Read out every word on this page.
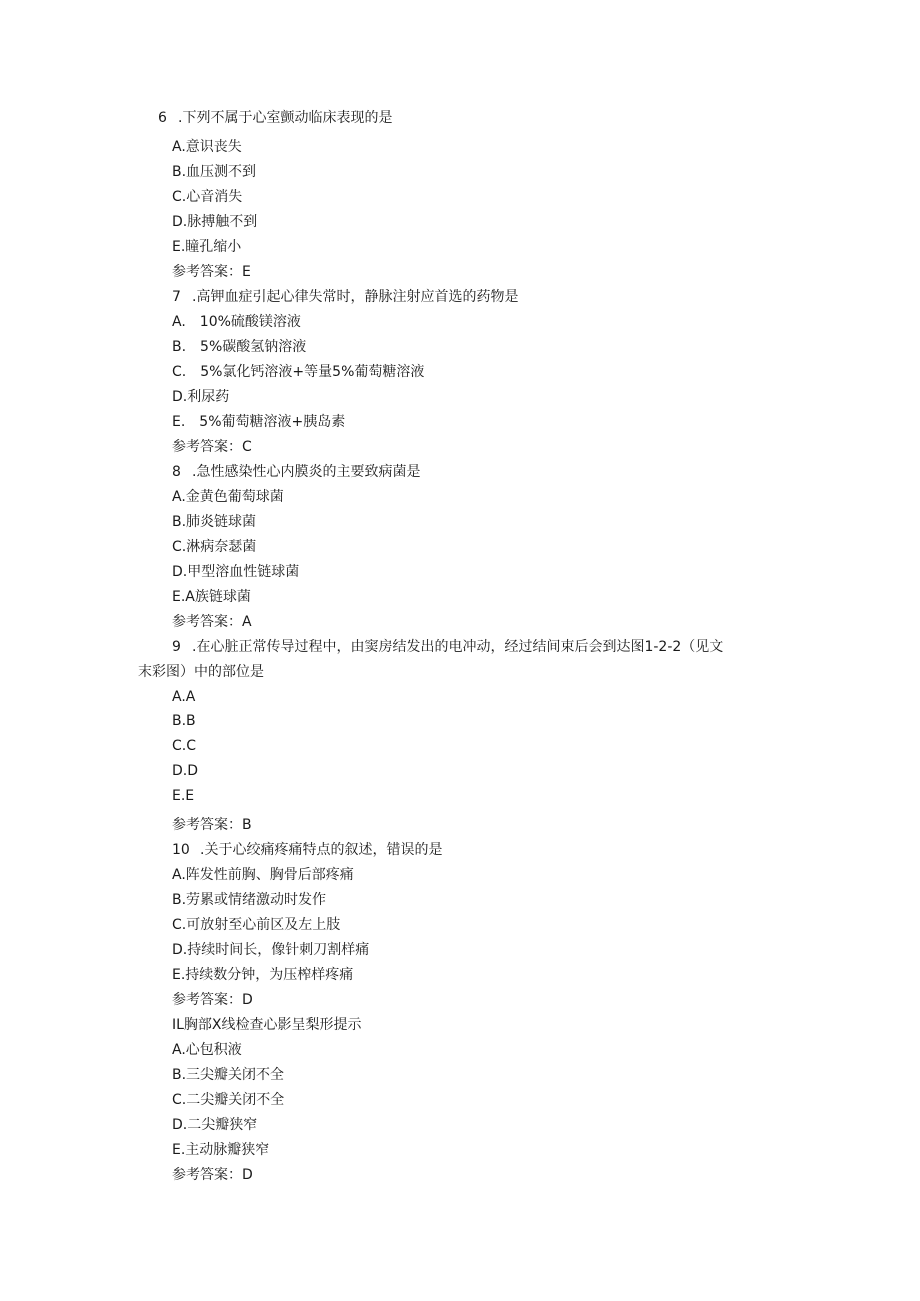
6 .下列不属于心室颤动临床表现的是
A.意识丧失
B.血压测不到
C.心音消失
D.脉搏触不到
E.瞳孔缩小
参考答案：E
7 .高钾血症引起心律失常时，静脉注射应首选的药物是
A.　10%硫酸镁溶液
B.　5%碳酸氢钠溶液
C.　5%氯化钙溶液+等量5%葡萄糖溶液
D.利尿药
E.　5%葡萄糖溶液+胰岛素
参考答案：C
8 .急性感染性心内膜炎的主要致病菌是
A.金黄色葡萄球菌
B.肺炎链球菌
C.淋病奈瑟菌
D.甲型溶血性链球菌
E.A族链球菌
参考答案：A
9 .在心脏正常传导过程中，由窦房结发出的电冲动，经过结间束后会到达图1-2-2（见文
末彩图）中的部位是
A.A
B.B
C.C
D.D
E.E
参考答案：B
10 .关于心绞痛疼痛特点的叙述，错误的是
A.阵发性前胸、胸骨后部疼痛
B.劳累或情绪激动时发作
C.可放射至心前区及左上肢
D.持续时间长，像针刺刀割样痛
E.持续数分钟，为压榨样疼痛
参考答案：D
IL胸部X线检查心影呈梨形提示
A.心包积液
B.三尖瓣关闭不全
C.二尖瓣关闭不全
D.二尖瓣狭窄
E.主动脉瓣狭窄
参考答案：D
